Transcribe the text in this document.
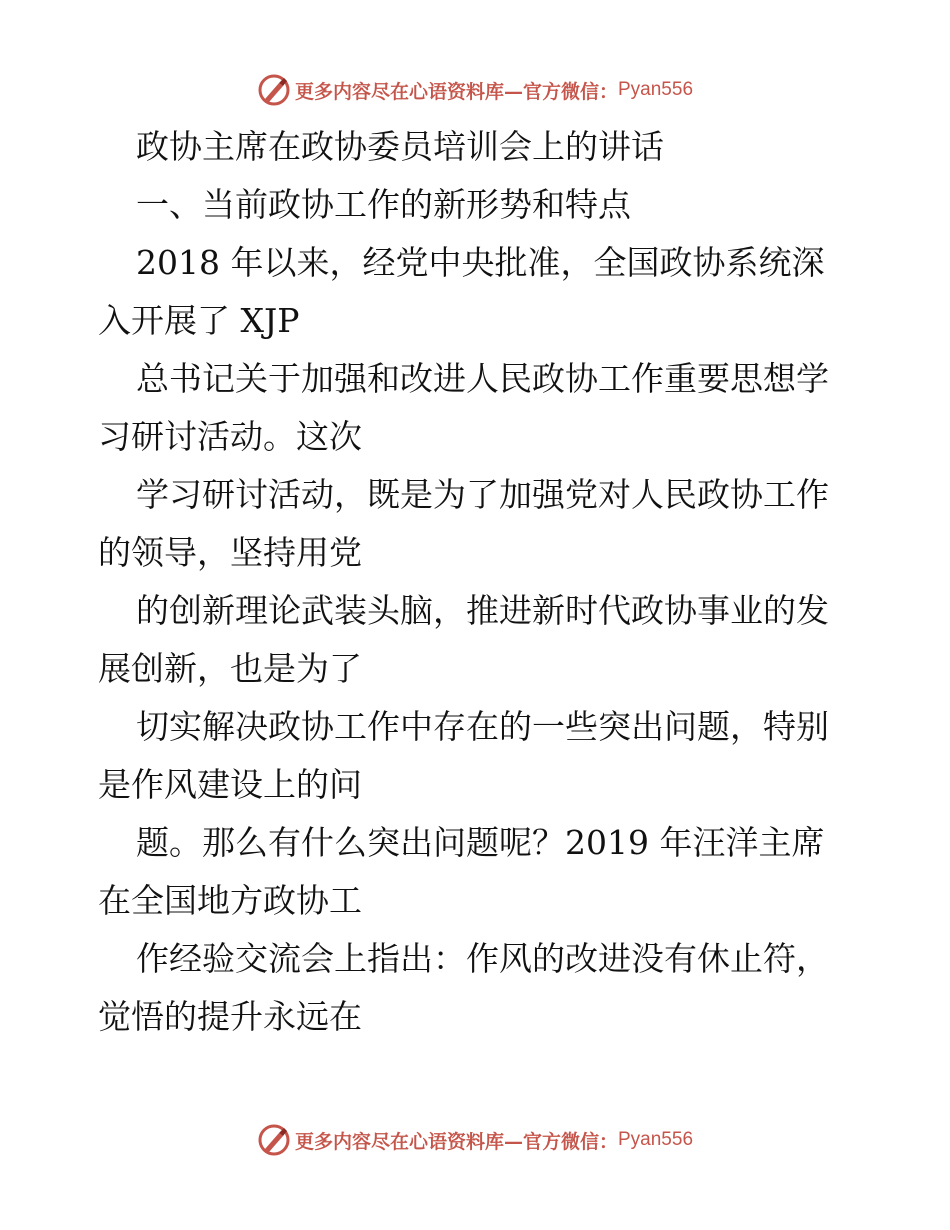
更多内容尽在心语资料库—官方微信： Pyan556

政协主席在政协委员培训会上的讲话

一、当前政协工作的新形势和特点

2018 年以来，经党中央批准，全国政协系统深
入开展了 XJP

总书记关于加强和改进人民政协工作重要思想学
习研讨活动。这次

学习研讨活动，既是为了加强党对人民政协工作
的领导，坚持用党

的创新理论武装头脑，推进新时代政协事业的发
展创新，也是为了

切实解决政协工作中存在的一些突出问题，特别
是作风建设上的问

题。那么有什么突出问题呢？2019 年汪洋主席
在全国地方政协工

作经验交流会上指出：作风的改进没有休止符，
觉悟的提升永远在

更多内容尽在心语资料库—官方微信： Pyan556
